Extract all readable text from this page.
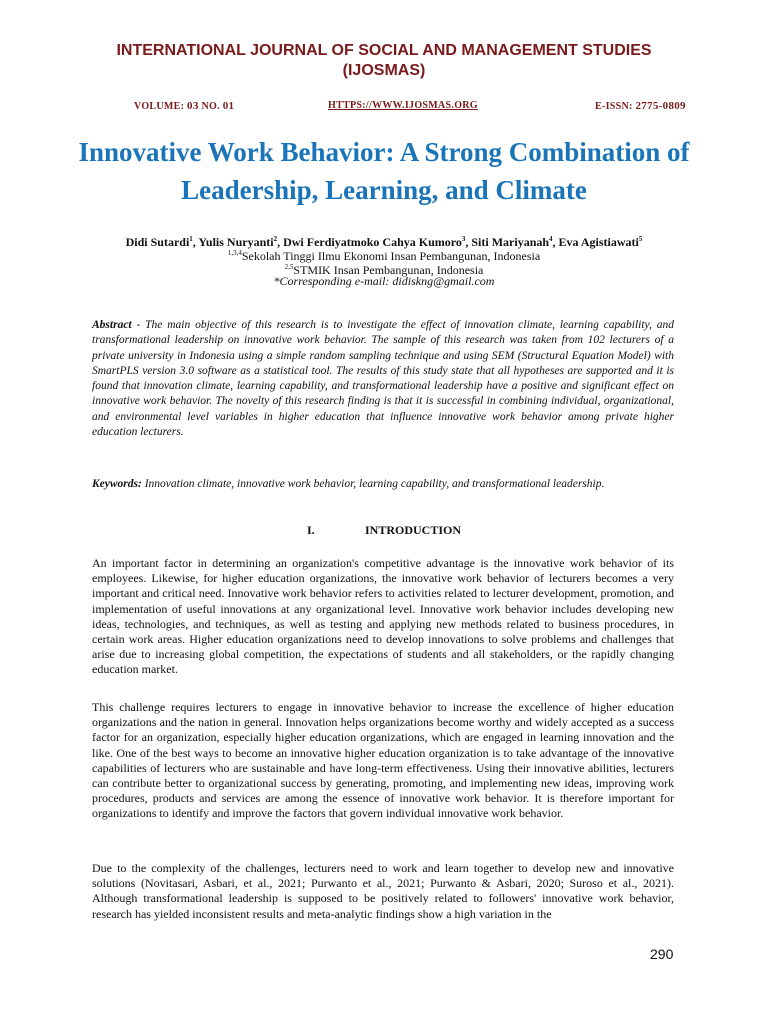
INTERNATIONAL JOURNAL OF SOCIAL AND MANAGEMENT STUDIES
(IJOSMAS)
VOLUME: 03 NO. 01	HTTPS://WWW.IJOSMAS.ORG	E-ISSN: 2775-0809
Innovative Work Behavior: A Strong Combination of Leadership, Learning, and Climate
Didi Sutardi$^1$, Yulis Nuryanti$^2$, Dwi Ferdiyatmoko Cahya Kumoro$^3$, Siti Mariyanah$^4$, Eva Agistiawati$^5$
$^{1,3,4}$Sekolah Tinggi Ilmu Ekonomi Insan Pembangunan, Indonesia
$^{2,5}$STMIK Insan Pembangunan, Indonesia
*Corresponding e-mail: didiskng@gmail.com

Abstract - The main objective of this research is to investigate the effect of innovation climate, learning capability, and transformational leadership on innovative work behavior. The sample of this research was taken from 102 lecturers of a private university in Indonesia using a simple random sampling technique and using SEM (Structural Equation Model) with SmartPLS version 3.0 software as a statistical tool. The results of this study state that all hypotheses are supported and it is found that innovation climate, learning capability, and transformational leadership have a positive and significant effect on innovative work behavior. The novelty of this research finding is that it is successful in combining individual, organizational, and environmental level variables in higher education that influence innovative work behavior among private higher education lecturers.

Keywords: Innovation climate, innovative work behavior, learning capability, and transformational leadership.

I.	INTRODUCTION

An important factor in determining an organization's competitive advantage is the innovative work behavior of its employees. Likewise, for higher education organizations, the innovative work behavior of lecturers becomes a very important and critical need. Innovative work behavior refers to activities related to lecturer development, promotion, and implementation of useful innovations at any organizational level. Innovative work behavior includes developing new ideas, technologies, and techniques, as well as testing and applying new methods related to business procedures, in certain work areas. Higher education organizations need to develop innovations to solve problems and challenges that arise due to increasing global competition, the expectations of students and all stakeholders, or the rapidly changing education market.

This challenge requires lecturers to engage in innovative behavior to increase the excellence of higher education organizations and the nation in general. Innovation helps organizations become worthy and widely accepted as a success factor for an organization, especially higher education organizations, which are engaged in learning innovation and the like. One of the best ways to become an innovative higher education organization is to take advantage of the innovative capabilities of lecturers who are sustainable and have long-term effectiveness. Using their innovative abilities, lecturers can contribute better to organizational success by generating, promoting, and implementing new ideas, improving work procedures, products and services are among the essence of innovative work behavior. It is therefore important for organizations to identify and improve the factors that govern individual innovative work behavior.

Due to the complexity of the challenges, lecturers need to work and learn together to develop new and innovative solutions (Novitasari, Asbari, et al., 2021; Purwanto et al., 2021; Purwanto & Asbari, 2020; Suroso et al., 2021). Although transformational leadership is supposed to be positively related to followers' innovative work behavior, research has yielded inconsistent results and meta-analytic findings show a high variation in the

290
